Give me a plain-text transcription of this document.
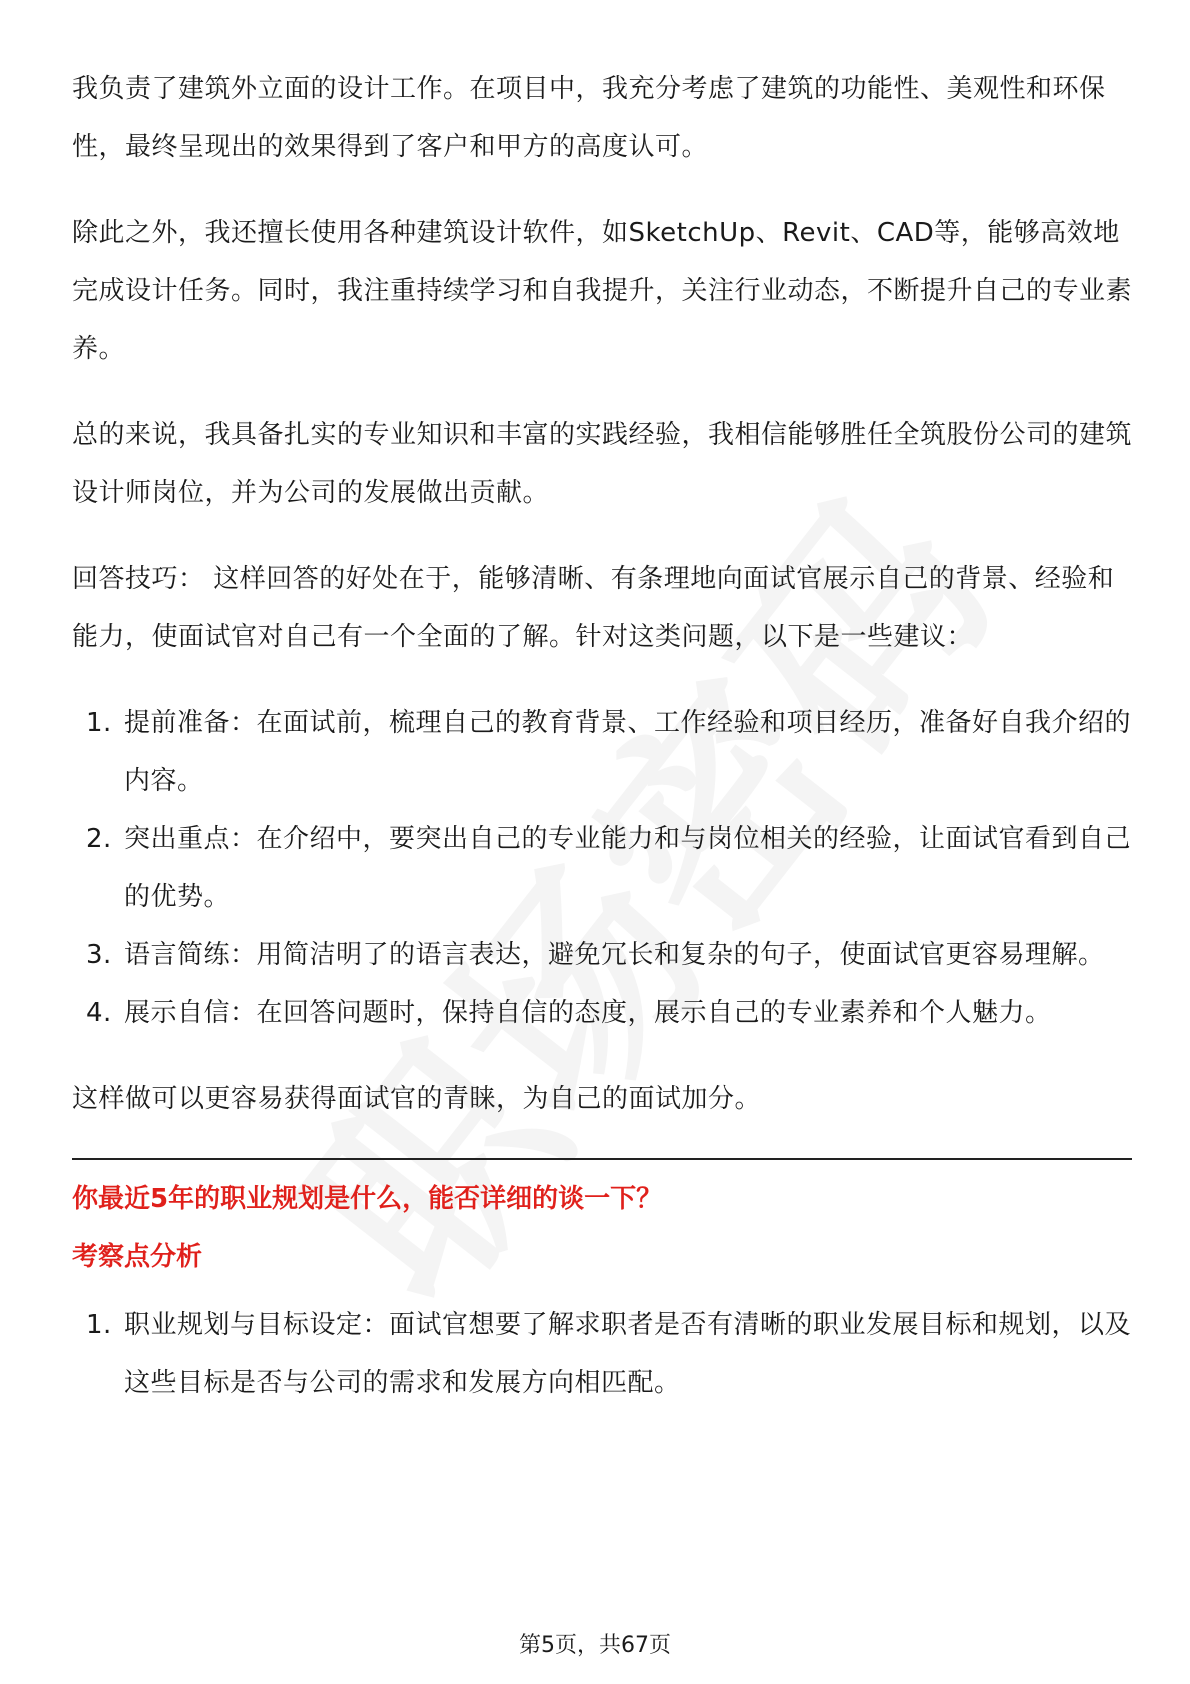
我负责了建筑外立面的设计工作。在项目中，我充分考虑了建筑的功能性、美观性和环保性，最终呈现出的效果得到了客户和甲方的高度认可。

除此之外，我还擅长使用各种建筑设计软件，如SketchUp、Revit、CAD等，能够高效地完成设计任务。同时，我注重持续学习和自我提升，关注行业动态，不断提升自己的专业素养。

总的来说，我具备扎实的专业知识和丰富的实践经验，我相信能够胜任全筑股份公司的建筑设计师岗位，并为公司的发展做出贡献。

回答技巧： 这样回答的好处在于，能够清晰、有条理地向面试官展示自己的背景、经验和能力，使面试官对自己有一个全面的了解。针对这类问题，以下是一些建议：

1. 提前准备：在面试前，梳理自己的教育背景、工作经验和项目经历，准备好自我介绍的内容。
2. 突出重点：在介绍中，要突出自己的专业能力和与岗位相关的经验，让面试官看到自己的优势。
3. 语言简练：用简洁明了的语言表达，避免冗长和复杂的句子，使面试官更容易理解。
4. 展示自信：在回答问题时，保持自信的态度，展示自己的专业素养和个人魅力。

这样做可以更容易获得面试官的青睐，为自己的面试加分。

你最近5年的职业规划是什么，能否详细的谈一下？
考察点分析
1. 职业规划与目标设定：面试官想要了解求职者是否有清晰的职业发展目标和规划，以及这些目标是否与公司的需求和发展方向相匹配。
第5页，共67页
